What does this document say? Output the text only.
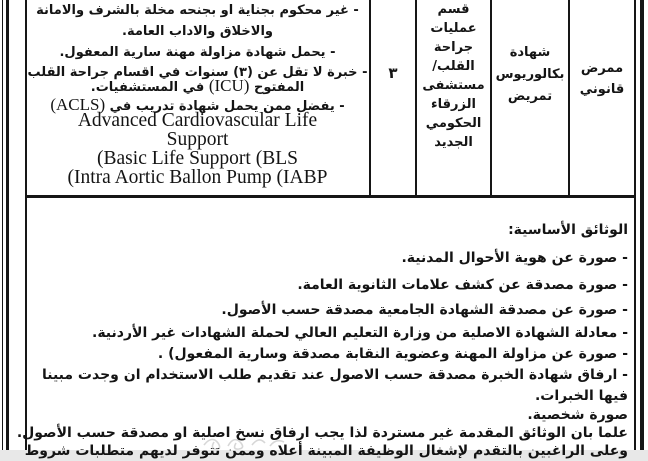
- غير محكوم بجناية او بجنحه مخلة بالشرف والامانة
والاخلاق والاداب العامة.
- يحمل شهادة مزاولة مهنة سارية المعفول.
- خبرة لا تقل عن (٣) سنوات في اقسام جراحة القلب
المفتوح (ICU) في المستشفيات.
- يفضل ممن يحمل شهادة تدريب في (ACLS)
Advanced Cardiovascular Life
Support
(Basic Life Support (BLS
(Intra Aortic Ballon Pump (IABP
٣
قسم
عمليات
جراحة
القلب/
مستشفى
الزرقاء
الحكومي
الجديد
شهادة
بكالوريوس
تمريض
ممرض
قانوني
الوثائق الأساسية:
- صورة عن هوية الأحوال المدنية.
- صورة مصدقة عن كشف علامات الثانوية العامة.
- صورة عن مصدقة الشهادة الجامعية مصدقة حسب الأصول.
- معادلة الشهادة الاصلية من وزارة التعليم العالي لحملة الشهادات غير الأردنية.
- صورة عن مزاولة المهنة وعضوية النقابة مصدقة وسارية المفعول) .
- ارفاق شهادة الخبرة مصدقة حسب الاصول عند تقديم طلب الاستخدام ان وجدت مبينا
فيها الخبرات.
صورة شخصية.
علما بان الوثائق المقدمة غير مستردة لذا يجب ارفاق نسخ اصلية او مصدقة حسب الأصول.
وعلى الراغبين بالتقدم لإشغال الوظيفة المبينة أعلاه وممن تتوفر لديهم متطلبات شروط
